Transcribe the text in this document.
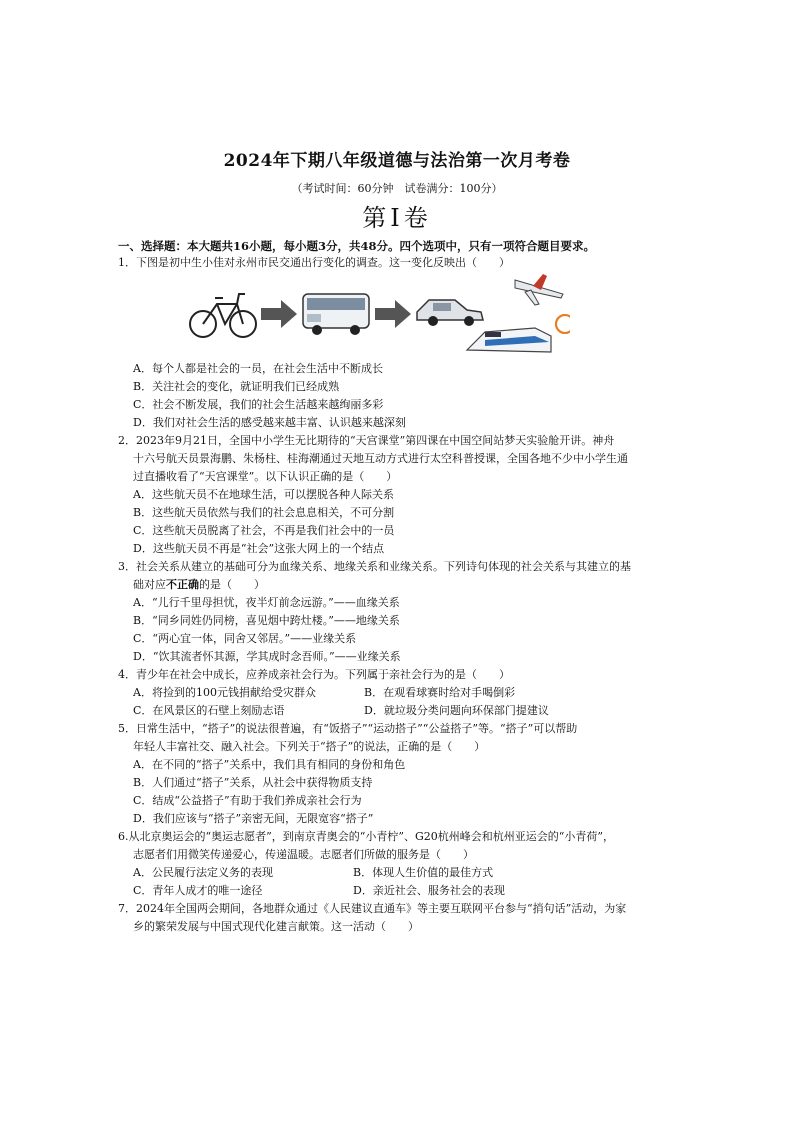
2024年下期八年级道德与法治第一次月考卷
（考试时间：60分钟　试卷满分：100分）
第Ⅰ卷
一、选择题：本大题共16小题，每小题3分，共48分。四个选项中，只有一项符合题目要求。
1．下图是初中生小佳对永州市民交通出行变化的调查。这一变化反映出（　　）
A．每个人都是社会的一员，在社会生活中不断成长
B．关注社会的变化，就证明我们已经成熟
C．社会不断发展，我们的社会生活越来越绚丽多彩
D．我们对社会生活的感受越来越丰富、认识越来越深刻
2．2023年9月21日，全国中小学生无比期待的“天宫课堂”第四课在中国空间站梦天实验舱开讲。神舟
十六号航天员景海鹏、朱杨柱、桂海潮通过天地互动方式进行太空科普授课，全国各地不少中小学生通
过直播收看了“天宫课堂”。以下认识正确的是（　　）
A．这些航天员不在地球生活，可以摆脱各种人际关系
B．这些航天员依然与我们的社会息息相关，不可分割
C．这些航天员脱离了社会，不再是我们社会中的一员
D．这些航天员不再是“社会”这张大网上的一个结点
3．社会关系从建立的基础可分为血缘关系、地缘关系和业缘关系。下列诗句体现的社会关系与其建立的基
础对应不正确的是（　　）
A．“儿行千里母担忧，夜半灯前念远游。”——血缘关系
B．“同乡同姓仍同榜，喜见烟中跨灶楼。”——地缘关系
C．“两心宜一体，同舍又邻居。”——业缘关系
D．“饮其流者怀其源，学其成时念吾师。”——业缘关系
4．青少年在社会中成长，应养成亲社会行为。下列属于亲社会行为的是（　　）
A．将捡到的100元钱捐献给受灾群众	B．在观看球赛时给对手喝倒彩
C．在风景区的石壁上刻励志语	D．就垃圾分类问题向环保部门提建议
5．日常生活中，“搭子”的说法很普遍，有“饭搭子”“运动搭子”“公益搭子”等。“搭子”可以帮助
年轻人丰富社交、融入社会。下列关于“搭子”的说法，正确的是（　　）
A．在不同的“搭子”关系中，我们具有相同的身份和角色
B．人们通过“搭子”关系，从社会中获得物质支持
C．结成“公益搭子”有助于我们养成亲社会行为
D．我们应该与“搭子”亲密无间，无限宽容“搭子”
6.从北京奥运会的“奥运志愿者”，到南京青奥会的“小青柠”、G20杭州峰会和杭州亚运会的“小青荷”，
志愿者们用微笑传递爱心，传递温暖。志愿者们所做的服务是（　　）
A．公民履行法定义务的表现	B．体现人生价值的最佳方式
C．青年人成才的唯一途径	D．亲近社会、服务社会的表现
7．2024年全国两会期间，各地群众通过《人民建议直通车》等主要互联网平台参与“捎句话”活动，为家
乡的繁荣发展与中国式现代化建言献策。这一活动（　　）
